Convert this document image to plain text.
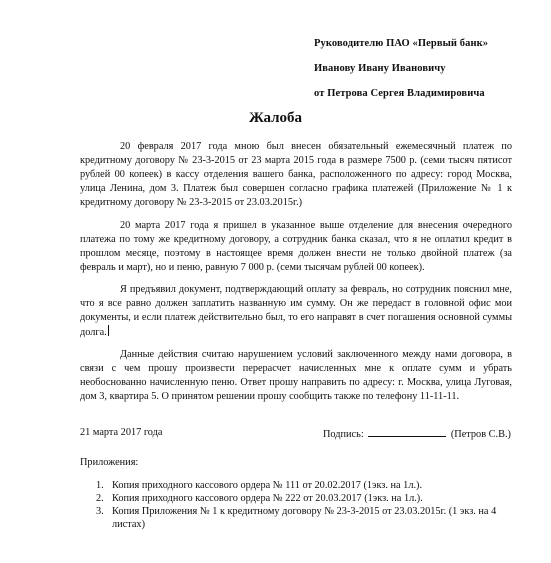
Руководителю ПАО «Первый банк»
Иванову Ивану Ивановичу
от Петрова Сергея Владимировича
Жалоба
20 февраля 2017 года мною был внесен обязательный ежемесячный платеж по кредитному договору № 23-3-2015 от 23 марта 2015 года в размере 7500 р. (семи тысяч пятисот рублей 00 копеек) в кассу отделения вашего банка, расположенного по адресу: город Москва, улица Ленина, дом 3. Платеж был совершен согласно графика платежей (Приложение № 1 к кредитному договору № 23-3-2015 от 23.03.2015г.)
20 марта 2017 года я пришел в указанное выше отделение для внесения очередного платежа по тому же кредитному договору, а сотрудник банка сказал, что я не оплатил кредит в прошлом месяце, поэтому в настоящее время должен внести не только двойной платеж (за февраль и март), но и пеню, равную 7 000 р. (семи тысячам рублей 00 копеек).
Я предъявил документ, подтверждающий оплату за февраль, но сотрудник пояснил мне, что я все равно должен заплатить названную им сумму. Он же передаст в головной офис мои документы, и если платеж действительно был, то его направят в счет погашения основной суммы долга.
Данные действия считаю нарушением условий заключенного между нами договора, в связи с чем прошу произвести перерасчет начисленных мне к оплате сумм и убрать необоснованно начисленную пеню. Ответ прошу направить по адресу: г. Москва, улица Луговая, дом 3, квартира 5. О принятом решении прошу сообщить также по телефону 11-11-11.
21 марта 2017 года	Подпись:	(Петров С.В.)
Приложения:
1. Копия приходного кассового ордера № 111 от 20.02.2017 (1экз. на 1л.).
2. Копия приходного кассового ордера № 222 от 20.03.2017 (1экз. на 1л.).
3. Копия Приложения № 1 к кредитному договору № 23-3-2015 от 23.03.2015г. (1 экз. на 4 листах)
